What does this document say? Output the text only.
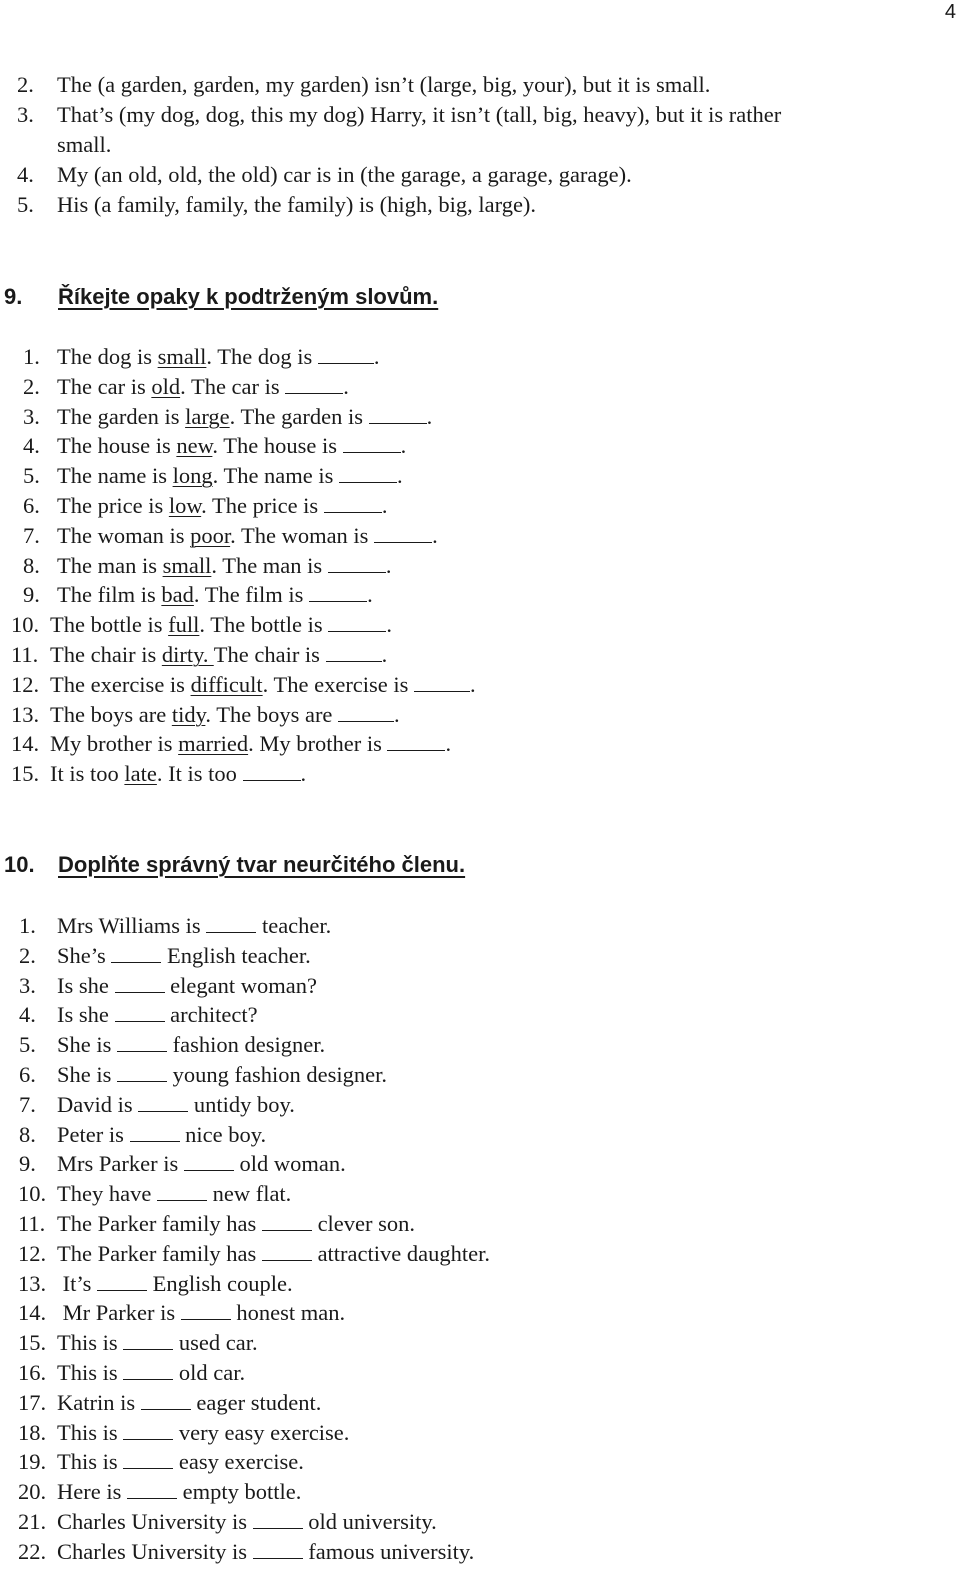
4
2. The (a garden, garden, my garden) isn’t (large, big, your), but it is small.
3. That’s (my dog, dog, this my dog) Harry, it isn’t (tall, big, heavy), but it is rather
small.
4. My (an old, old, the old) car is in (the garage, a garage, garage).
5. His (a family, family, the family) is (high, big, large).
9. Říkejte opaky k podtrženým slovům.
1. The dog is small. The dog is .
2. The car is old. The car is	.
3. The garden is large. The garden is	.
4. The house is new. The house is	.
5. The name is long. The name is	.
6. The price is low. The price is	.
7. The woman is poor. The woman is	.
8. The man is small. The man is	.
9. The film is bad. The film is	.
10. The bottle is full. The bottle is	.
11. The chair is dirty. The chair is .
12. The exercise is difficult. The exercise is .
13. The boys are tidy. The boys are .
14. My brother is married. My brother is	.
15. It is too late. It is too	.
10. Doplňte správný tvar neurčitého členu.
1. Mrs Williams is  teacher.
2. She’s  English teacher.
3. Is she  elegant woman?
4. Is she  architect?
5. She is  fashion designer.
6. She is  young fashion designer.
7. David is  untidy boy.
8. Peter is  nice boy.
9. Mrs Parker is  old woman.
10. They have  new flat.
11. The Parker family has  clever son.
12. The Parker family has  attractive daughter.
13. It’s  English couple.
14. Mr Parker is  honest man.
15. This is  used car.
16. This is  old car.
17. Katrin is  eager student.
18. This is  very easy exercise.
19. This is  easy exercise.
20. Here is  empty bottle.
21. Charles University is  old university.
22. Charles University is  famous university.
